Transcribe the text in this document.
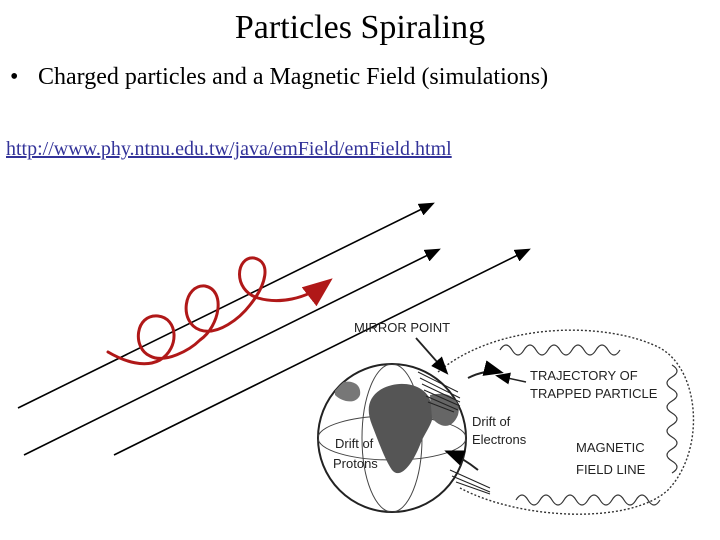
Particles Spiraling
• Charged particles and a Magnetic Field (simulations)
http://www.phy.ntnu.edu.tw/java/emField/emField.html
MIRROR POINT
TRAJECTORY OF
TRAPPED PARTICLE
Drift of
Electrons
Drift of
Protons
MAGNETIC
FIELD LINE
